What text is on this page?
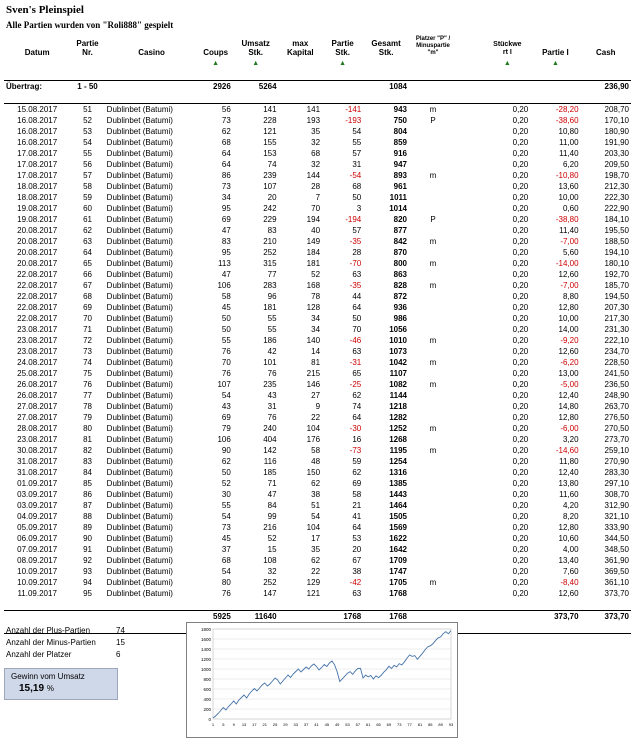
Sven's Pleinspiel
Alle Partien wurden von "Roli888" gespielt
Datum	Partie
Nr.	Casino	Coups	Umsatz
Stk.	max
Kapital	Partie
Stk.	Gesamt
Stk.	Platzer "P" /
Minuspartie
"m"		Stückwe
rt I	Partie I	Cash
			▲	▲		▲				▲	▲	

Übertrag:	1 - 50		2926	5264			1084					236,90

15.08.2017	51	Dublinbet (Batumi)	56	141	141	-141	943	m		0,20	-28,20	208,70
16.08.2017	52	Dublinbet (Batumi)	73	228	193	-193	750	P		0,20	-38,60	170,10
16.08.2017	53	Dublinbet (Batumi)	62	121	35	54	804			0,20	10,80	180,90
16.08.2017	54	Dublinbet (Batumi)	68	155	32	55	859			0,20	11,00	191,90
17.08.2017	55	Dublinbet (Batumi)	64	153	68	57	916			0,20	11,40	203,30
17.08.2017	56	Dublinbet (Batumi)	64	74	32	31	947			0,20	6,20	209,50
17.08.2017	57	Dublinbet (Batumi)	86	239	144	-54	893	m		0,20	-10,80	198,70
18.08.2017	58	Dublinbet (Batumi)	73	107	28	68	961			0,20	13,60	212,30
18.08.2017	59	Dublinbet (Batumi)	34	20	7	50	1011			0,20	10,00	222,30
19.08.2017	60	Dublinbet (Batumi)	95	242	70	3	1014			0,20	0,60	222,90
19.08.2017	61	Dublinbet (Batumi)	69	229	194	-194	820	P		0,20	-38,80	184,10
20.08.2017	62	Dublinbet (Batumi)	47	83	40	57	877			0,20	11,40	195,50
20.08.2017	63	Dublinbet (Batumi)	83	210	149	-35	842	m		0,20	-7,00	188,50
20.08.2017	64	Dublinbet (Batumi)	95	252	184	28	870			0,20	5,60	194,10
20.08.2017	65	Dublinbet (Batumi)	113	315	181	-70	800	m		0,20	-14,00	180,10
22.08.2017	66	Dublinbet (Batumi)	47	77	52	63	863			0,20	12,60	192,70
22.08.2017	67	Dublinbet (Batumi)	106	283	168	-35	828	m		0,20	-7,00	185,70
22.08.2017	68	Dublinbet (Batumi)	58	96	78	44	872			0,20	8,80	194,50
22.08.2017	69	Dublinbet (Batumi)	45	181	128	64	936			0,20	12,80	207,30
22.08.2017	70	Dublinbet (Batumi)	50	55	34	50	986			0,20	10,00	217,30
23.08.2017	71	Dublinbet (Batumi)	50	55	34	70	1056			0,20	14,00	231,30
23.08.2017	72	Dublinbet (Batumi)	55	186	140	-46	1010	m		0,20	-9,20	222,10
23.08.2017	73	Dublinbet (Batumi)	76	42	14	63	1073			0,20	12,60	234,70
24.08.2017	74	Dublinbet (Batumi)	70	101	81	-31	1042	m		0,20	-6,20	228,50
25.08.2017	75	Dublinbet (Batumi)	76	76	215	65	1107			0,20	13,00	241,50
26.08.2017	76	Dublinbet (Batumi)	107	235	146	-25	1082	m		0,20	-5,00	236,50
26.08.2017	77	Dublinbet (Batumi)	54	43	27	62	1144			0,20	12,40	248,90
27.08.2017	78	Dublinbet (Batumi)	43	31	9	74	1218			0,20	14,80	263,70
27.08.2017	79	Dublinbet (Batumi)	69	76	22	64	1282			0,20	12,80	276,50
28.08.2017	80	Dublinbet (Batumi)	79	240	104	-30	1252	m		0,20	-6,00	270,50
23.08.2017	81	Dublinbet (Batumi)	106	404	176	16	1268			0,20	3,20	273,70
30.08.2017	82	Dublinbet (Batumi)	90	142	58	-73	1195	m		0,20	-14,60	259,10
31.08.2017	83	Dublinbet (Batumi)	62	116	48	59	1254			0,20	11,80	270,90
31.08.2017	84	Dublinbet (Batumi)	50	185	150	62	1316			0,20	12,40	283,30
01.09.2017	85	Dublinbet (Batumi)	52	71	62	69	1385			0,20	13,80	297,10
03.09.2017	86	Dublinbet (Batumi)	30	47	38	58	1443			0,20	11,60	308,70
03.09.2017	87	Dublinbet (Batumi)	55	84	51	21	1464			0,20	4,20	312,90
04.09.2017	88	Dublinbet (Batumi)	54	99	54	41	1505			0,20	8,20	321,10
05.09.2017	89	Dublinbet (Batumi)	73	216	104	64	1569			0,20	12,80	333,90
06.09.2017	90	Dublinbet (Batumi)	45	52	17	53	1622			0,20	10,60	344,50
07.09.2017	91	Dublinbet (Batumi)	37	15	35	20	1642			0,20	4,00	348,50
08.09.2017	92	Dublinbet (Batumi)	68	108	62	67	1709			0,20	13,40	361,90
10.09.2017	93	Dublinbet (Batumi)	54	32	22	38	1747			0,20	7,60	369,50
10.09.2017	94	Dublinbet (Batumi)	80	252	129	-42	1705	m		0,20	-8,40	361,10
11.09.2017	95	Dublinbet (Batumi)	76	147	121	63	1768			0,20	12,60	373,70

			5925	11640		1768	1768				373,70	373,70

Anzahl der Plus-Partien	74
Anzahl der Minus-Partien	15
Anzahl der Platzer	6
Gewinn vom Umsatz
15,19 %
0
200
400
600
800
1000
1200
1400
1600
1800
1 5 9 13 17 21 25 29 33 37 41 45 49 53 57 61 65 69 73 77 81 85 89 93
